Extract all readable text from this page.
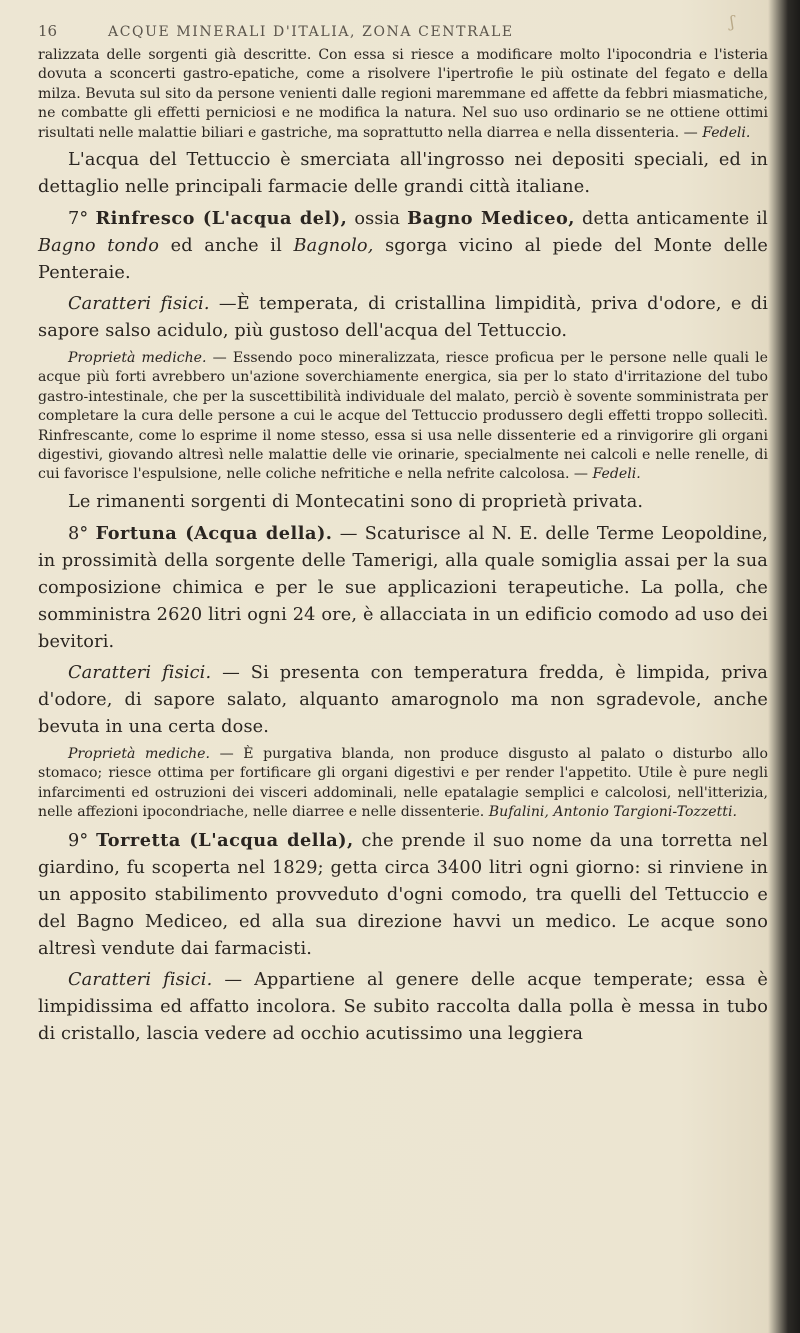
ʃ
16	ACQUE MINERALI D'ITALIA, ZONA CENTRALE

ralizzata delle sorgenti già descritte. Con essa si riesce a modificare molto l'ipocondria e l'isteria dovuta a sconcerti gastro-epatiche, come a risolvere l'ipertrofie le più ostinate del fegato e della milza. Bevuta sul sito da persone venienti dalle regioni maremmane ed affette da febbri miasmatiche, ne combatte gli effetti perniciosi e ne modifica la natura. Nel suo uso ordinario se ne ottiene ottimi risultati nelle malattie biliari e gastriche, ma soprattutto nella diarrea e nella dissenteria. — Fedeli.

L'acqua del Tettuccio è smerciata all'ingrosso nei depositi speciali, ed in dettaglio nelle principali farmacie delle grandi città italiane.

7° Rinfresco (L'acqua del), ossia Bagno Mediceo, detta anticamente il Bagno tondo ed anche il Bagnolo, sgorga vicino al piede del Monte delle Penteraie.

Caratteri fisici. —È temperata, di cristallina limpidità, priva d'odore, e di sapore salso acidulo, più gustoso dell'acqua del Tettuccio.

Proprietà mediche. — Essendo poco mineralizzata, riesce proficua per le persone nelle quali le acque più forti avrebbero un'azione soverchiamente energica, sia per lo stato d'irritazione del tubo gastro-intestinale, che per la suscettibilità individuale del malato, perciò è sovente somministrata per completare la cura delle persone a cui le acque del Tettuccio produssero degli effetti troppo sollecitì. Rinfrescante, come lo esprime il nome stesso, essa si usa nelle dissenterie ed a rinvigorire gli organi digestivi, giovando altresì nelle malattie delle vie orinarie, specialmente nei calcoli e nelle renelle, di cui favorisce l'espulsione, nelle coliche nefritiche e nella nefrite calcolosa. — Fedeli.

Le rimanenti sorgenti di Montecatini sono di proprietà privata.

8° Fortuna (Acqua della). — Scaturisce al N. E. delle Terme Leopoldine, in prossimità della sorgente delle Tamerigi, alla quale somiglia assai per la sua composizione chimica e per le sue applicazioni terapeutiche. La polla, che somministra 2620 litri ogni 24 ore, è allacciata in un edificio comodo ad uso dei bevitori.

Caratteri fisici. — Si presenta con temperatura fredda, è limpida, priva d'odore, di sapore salato, alquanto amarognolo ma non sgradevole, anche bevuta in una certa dose.

Proprietà mediche. — È purgativa blanda, non produce disgusto al palato o disturbo allo stomaco; riesce ottima per fortificare gli organi digestivi e per render l'appetito. Utile è pure negli infarcimenti ed ostruzioni dei visceri addominali, nelle epatalagie semplici e calcolosi, nell'itterizia, nelle affezioni ipocondriache, nelle diarree e nelle dissenterie. Bufalini, Antonio Targioni-Tozzetti.

9° Torretta (L'acqua della), che prende il suo nome da una torretta nel giardino, fu scoperta nel 1829; getta circa 3400 litri ogni giorno: si rinviene in un apposito stabilimento provveduto d'ogni comodo, tra quelli del Tettuccio e del Bagno Mediceo, ed alla sua direzione havvi un medico. Le acque sono altresì vendute dai farmacisti.

Caratteri fisici. — Appartiene al genere delle acque temperate; essa è limpidissima ed affatto incolora. Se subito raccolta dalla polla è messa in tubo di cristallo, lascia vedere ad occhio acutissimo una leggiera
